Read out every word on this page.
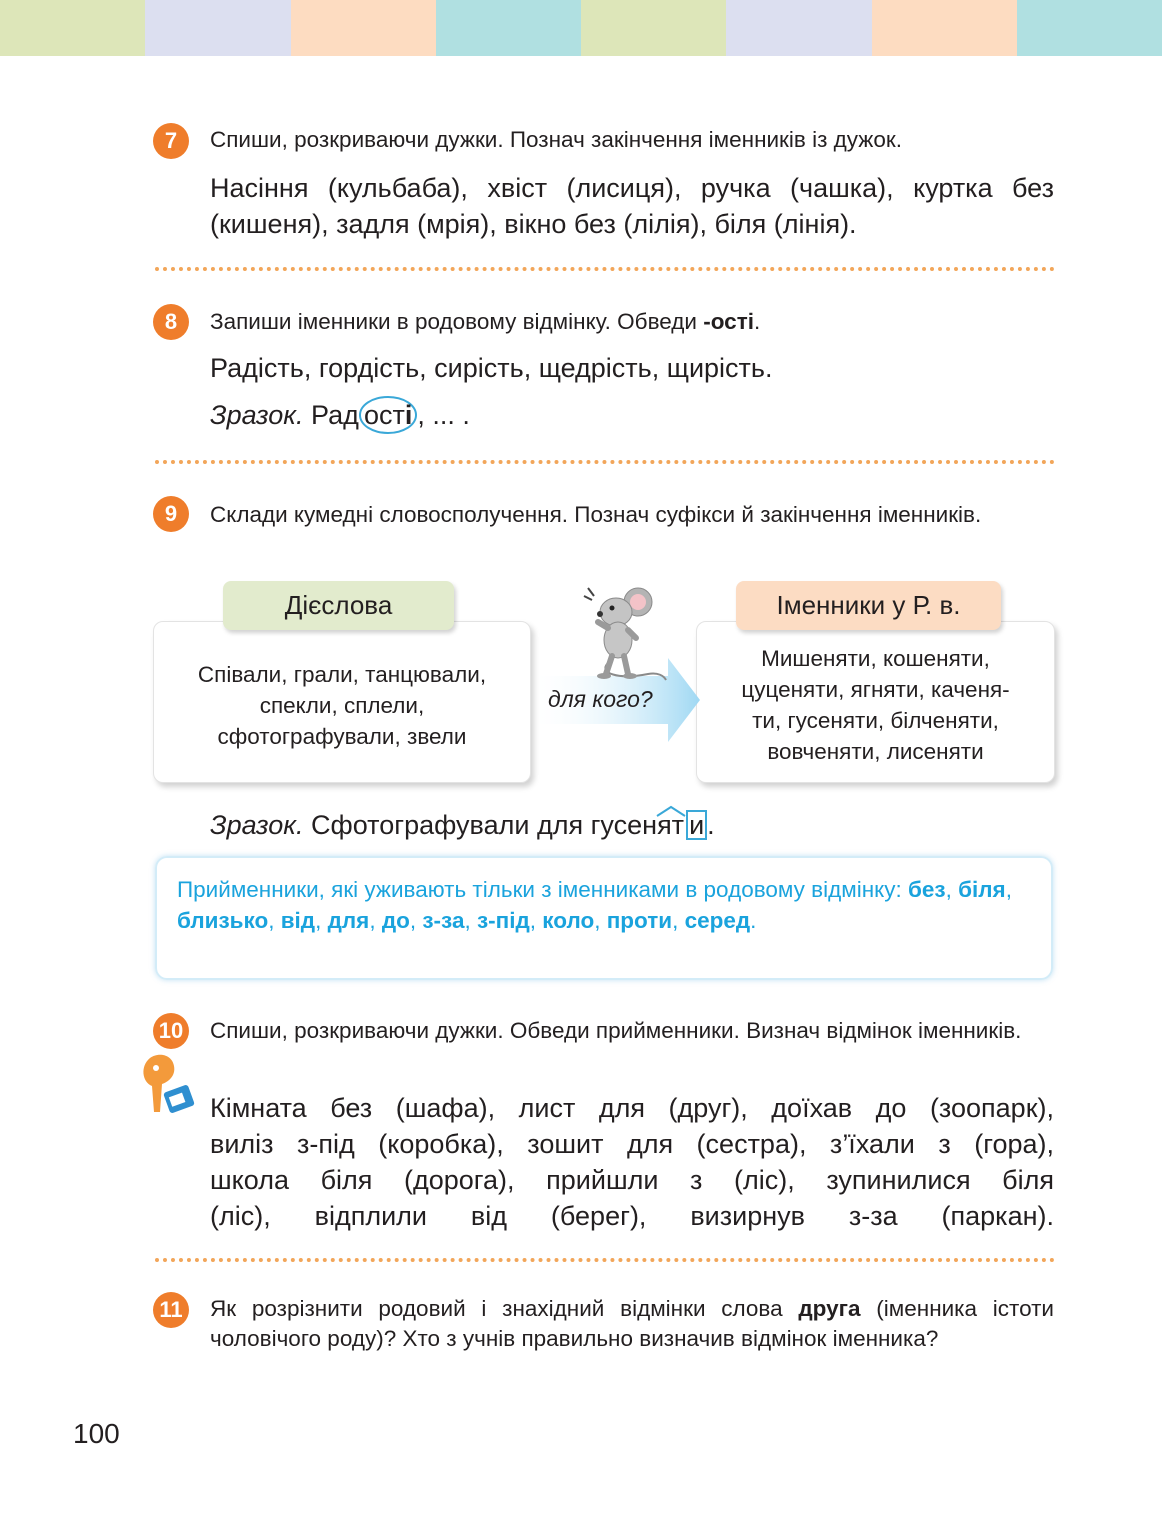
7	Спиши, розкриваючи дужки. Познач закінчення іменників із дужок.

Насіння (кульбаба), хвіст (лисиця), ручка (чашка), куртка без (кишеня), задля (мрія), вікно без (лілія), біля (лінія).

8	Запиши іменники в родовому відмінку. Обведи -ості.

Радість, гордість, сирість, щедрість, щирість.

Зразок. Рад ості , ... .
9	Склади кумедні словосполучення. Познач суфікси й закінчення іменників.

Співали, грали, танцювали,
спекли, сплели,
сфотографували, звели
Дієслова
Мишеняти, кошеняти,
цуценяти, ягняти, каченя-
ти, гусеняти, білченяти,
вовченяти, лисеняти
Іменники у Р. в.
для кого?
Зразок. Сфотографували для гусен
ят и .
Прийменники, які уживають тільки з іменниками в родовому відмінку: без, біля, близько, від, для, до, з-за, з-під, коло, проти, серед.
10 Спиши, розкриваючи дужки. Обведи прийменники. Визнач відмінок іменників.

Кімната без (шафа), лист для (друг), доїхав до (зоопарк),
виліз з-під (коробка), зошит для (сестра), з’їхали з (гора),
школа біля (дорога), прийшли з (ліс), зупинилися біля
(ліс), відплили від (берег), визирнув з-за (паркан).
11 Як розрізнити родовий і знахідний відмінки слова друга (іменника істоти чоловічого роду)? Хто з учнів правильно визначив відмінок іменника?

100
